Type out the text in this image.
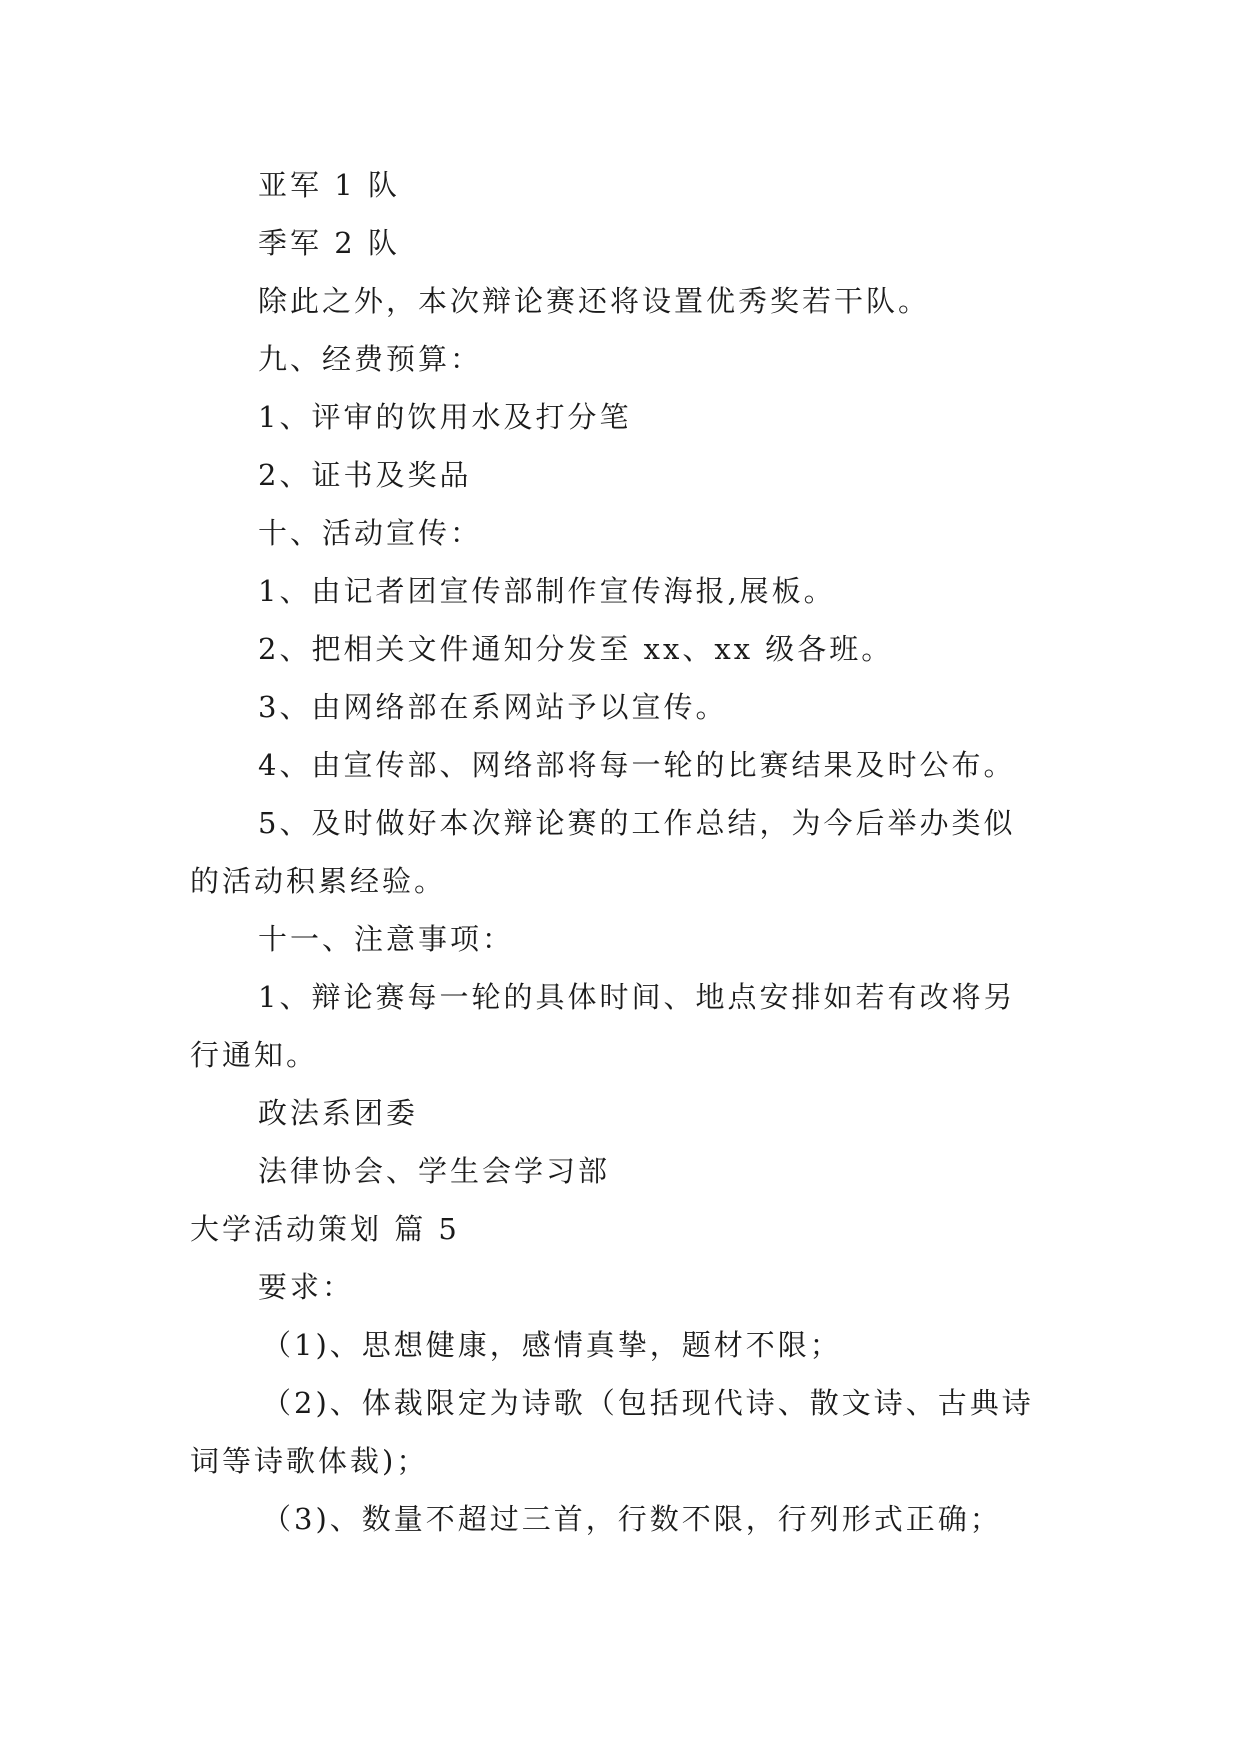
亚军 1 队
季军 2 队
除此之外，本次辩论赛还将设置优秀奖若干队。
九、经费预算：
1、评审的饮用水及打分笔
2、证书及奖品
十、活动宣传：
1、由记者团宣传部制作宣传海报,展板。
2、把相关文件通知分发至 xx、xx 级各班。
3、由网络部在系网站予以宣传。
4、由宣传部、网络部将每一轮的比赛结果及时公布。
5、及时做好本次辩论赛的工作总结，为今后举办类似
的活动积累经验。
十一、注意事项：
1、辩论赛每一轮的具体时间、地点安排如若有改将另
行通知。
政法系团委
法律协会、学生会学习部
大学活动策划 篇 5
要求：
（1)、思想健康，感情真挚，题材不限；
（2)、体裁限定为诗歌（包括现代诗、散文诗、古典诗
词等诗歌体裁)；
（3)、数量不超过三首，行数不限，行列形式正确；
